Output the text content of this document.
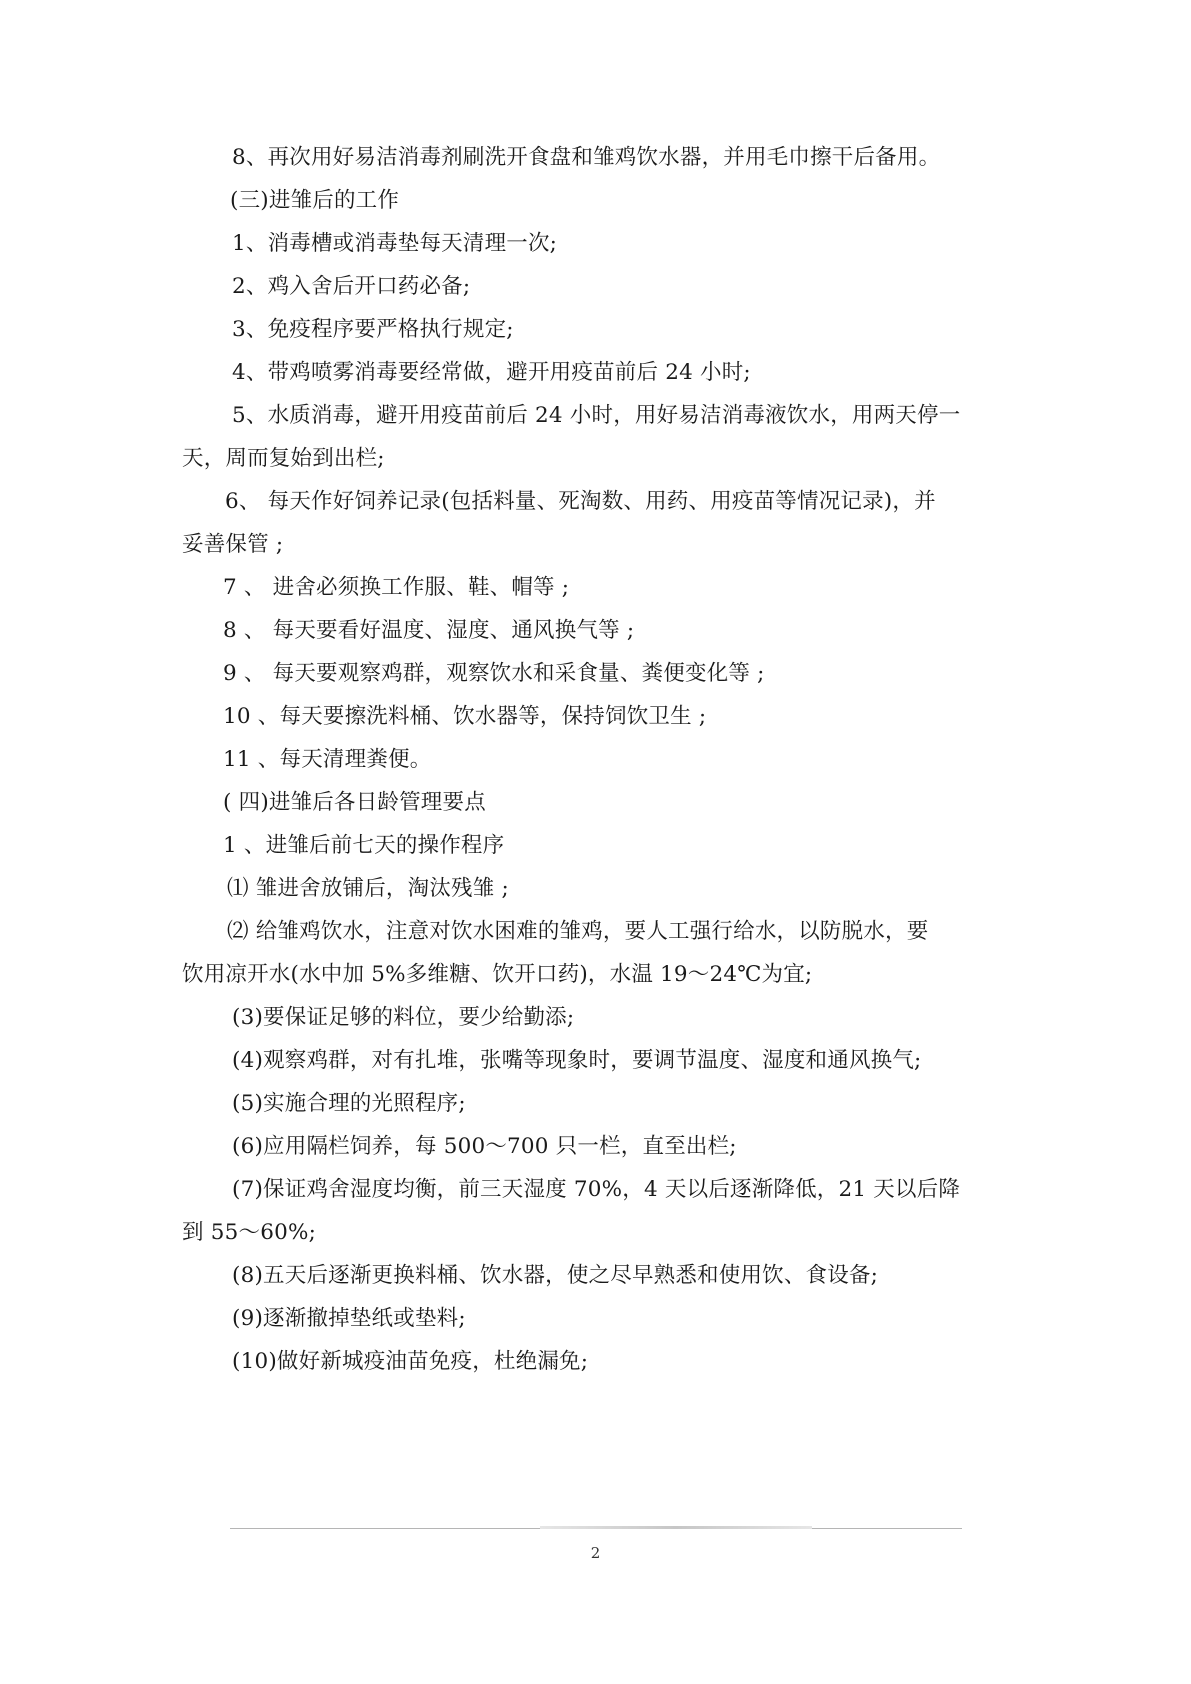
8、再次用好易洁消毒剂刷洗开食盘和雏鸡饮水器，并用毛巾擦干后备用。
(三)进雏后的工作
1、消毒槽或消毒垫每天清理一次;
2、鸡入舍后开口药必备;
3、免疫程序要严格执行规定;
4、带鸡喷雾消毒要经常做，避开用疫苗前后 24 小时;
5、水质消毒，避开用疫苗前后 24 小时，用好易洁消毒液饮水，用两天停一
天，周而复始到出栏;
6、 每天作好饲养记录(包括料量、死淘数、用药、用疫苗等情况记录)，并
妥善保管 ;
7 、 进舍必须换工作服、鞋、帽等 ;
8 、 每天要看好温度、湿度、通风换气等 ;
9 、 每天要观察鸡群，观察饮水和采食量、粪便变化等 ;
10 、每天要擦洗料桶、饮水器等，保持饲饮卫生 ;
11 、每天清理粪便。
( 四)进雏后各日龄管理要点
1 、进雏后前七天的操作程序
⑴ 雏进舍放铺后，淘汰残雏 ;
⑵ 给雏鸡饮水，注意对饮水困难的雏鸡，要人工强行给水，以防脱水，要
饮用凉开水(水中加 5%多维糖、饮开口药)，水温 19～24℃为宜;
(3)要保证足够的料位，要少给勤添;
(4)观察鸡群，对有扎堆，张嘴等现象时，要调节温度、湿度和通风换气;
(5)实施合理的光照程序;
(6)应用隔栏饲养，每 500～700 只一栏，直至出栏;
(7)保证鸡舍湿度均衡，前三天湿度 70%，4 天以后逐渐降低，21 天以后降
到 55～60%;
(8)五天后逐渐更换料桶、饮水器，使之尽早熟悉和使用饮、食设备;
(9)逐渐撤掉垫纸或垫料;
(10)做好新城疫油苗免疫，杜绝漏免;
2
